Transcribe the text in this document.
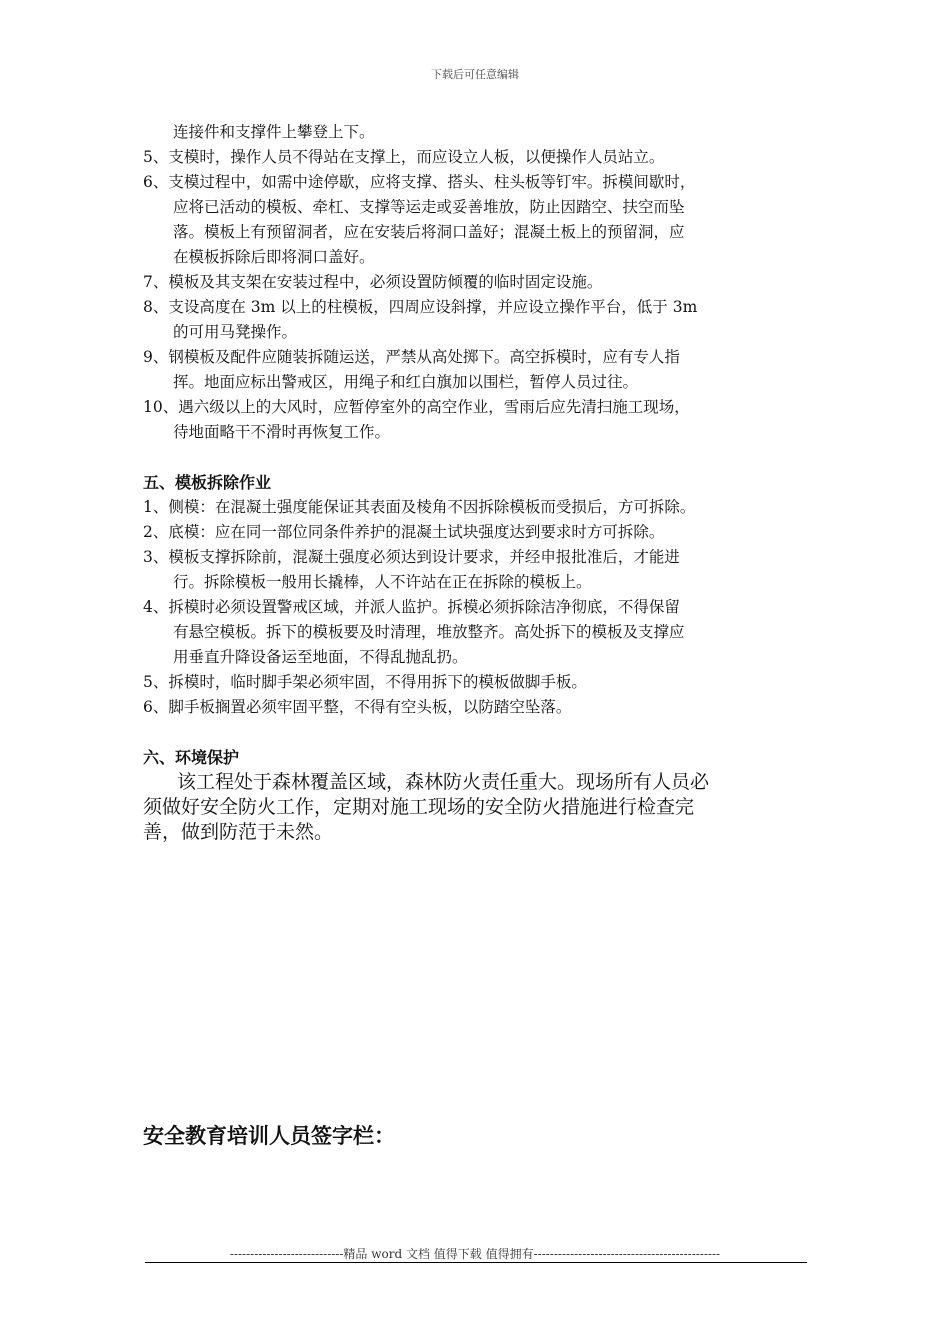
下载后可任意编辑
连接件和支撑件上攀登上下。
5、支模时，操作人员不得站在支撑上，而应设立人板，以便操作人员站立。
6、支模过程中，如需中途停歇，应将支撑、搭头、柱头板等钉牢。拆模间歇时，
应将已活动的模板、牵杠、支撑等运走或妥善堆放，防止因踏空、扶空而坠
落。模板上有预留洞者，应在安装后将洞口盖好；混凝土板上的预留洞，应
在模板拆除后即将洞口盖好。
7、模板及其支架在安装过程中，必须设置防倾覆的临时固定设施。
8、支设高度在 3m 以上的柱模板，四周应设斜撑，并应设立操作平台，低于 3m
的可用马凳操作。
9、钢模板及配件应随装拆随运送，严禁从高处掷下。高空拆模时，应有专人指
挥。地面应标出警戒区，用绳子和红白旗加以围栏，暂停人员过往。
10、遇六级以上的大风时，应暂停室外的高空作业，雪雨后应先清扫施工现场，
待地面略干不滑时再恢复工作。
五、模板拆除作业
1、侧模：在混凝土强度能保证其表面及棱角不因拆除模板而受损后，方可拆除。
2、底模：应在同一部位同条件养护的混凝土试块强度达到要求时方可拆除。
3、模板支撑拆除前，混凝土强度必须达到设计要求，并经申报批准后，才能进
行。拆除模板一般用长撬棒，人不许站在正在拆除的模板上。
4、拆模时必须设置警戒区域，并派人监护。拆模必须拆除洁净彻底，不得保留
有悬空模板。拆下的模板要及时清理，堆放整齐。高处拆下的模板及支撑应
用垂直升降设备运至地面，不得乱抛乱扔。
5、拆模时，临时脚手架必须牢固，不得用拆下的模板做脚手板。
6、脚手板搁置必须牢固平整，不得有空头板，以防踏空坠落。
六、环境保护
该工程处于森林覆盖区域，森林防火责任重大。现场所有人员必
须做好安全防火工作，定期对施工现场的安全防火措施进行检查完
善，做到防范于未然。
安全教育培训人员签字栏：
----------------------------精品 word 文档 值得下载 值得拥有----------------------------------------------
